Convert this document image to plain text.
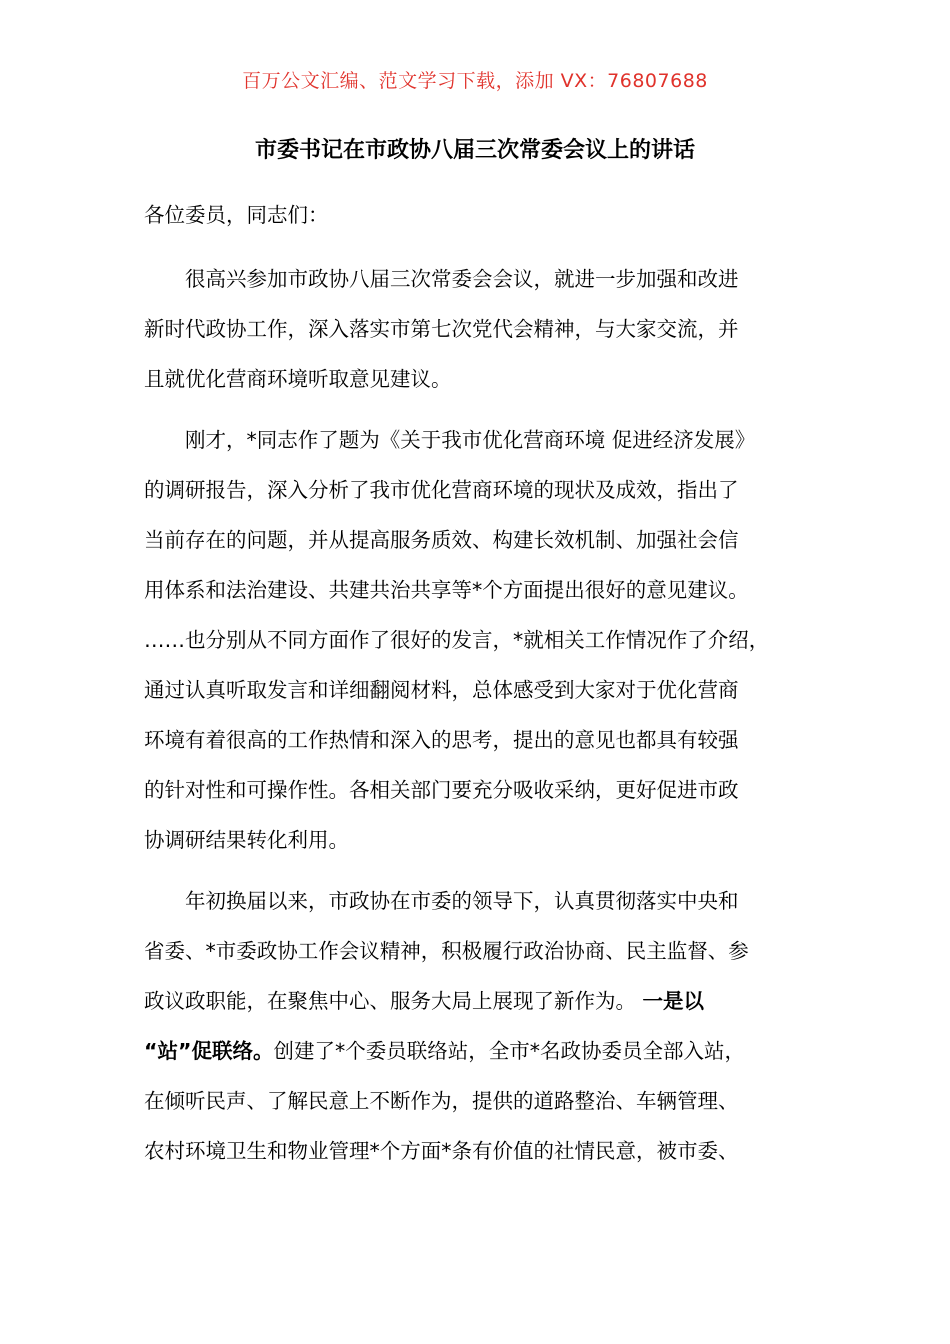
百万公文汇编、范文学习下载，添加 VX：76807688
市委书记在市政协八届三次常委会议上的讲话
各位委员，同志们：
很高兴参加市政协八届三次常委会会议，就进一步加强和改进
新时代政协工作，深入落实市第七次党代会精神，与大家交流，并
且就优化营商环境听取意见建议。
刚才，*同志作了题为《关于我市优化营商环境 促进经济发展》
的调研报告，深入分析了我市优化营商环境的现状及成效，指出了
当前存在的问题，并从提高服务质效、构建长效机制、加强社会信
用体系和法治建设、共建共治共享等*个方面提出很好的意见建议。
……也分别从不同方面作了很好的发言，*就相关工作情况作了介绍，
通过认真听取发言和详细翻阅材料，总体感受到大家对于优化营商
环境有着很高的工作热情和深入的思考，提出的意见也都具有较强
的针对性和可操作性。各相关部门要充分吸收采纳，更好促进市政
协调研结果转化利用。
年初换届以来，市政协在市委的领导下，认真贯彻落实中央和
省委、*市委政协工作会议精神，积极履行政治协商、民主监督、参
政议政职能，在聚焦中心、服务大局上展现了新作为。 一是以
“站”促联络。创建了*个委员联络站，全市*名政协委员全部入站，
在倾听民声、了解民意上不断作为，提供的道路整治、车辆管理、
农村环境卫生和物业管理*个方面*条有价值的社情民意，被市委、
